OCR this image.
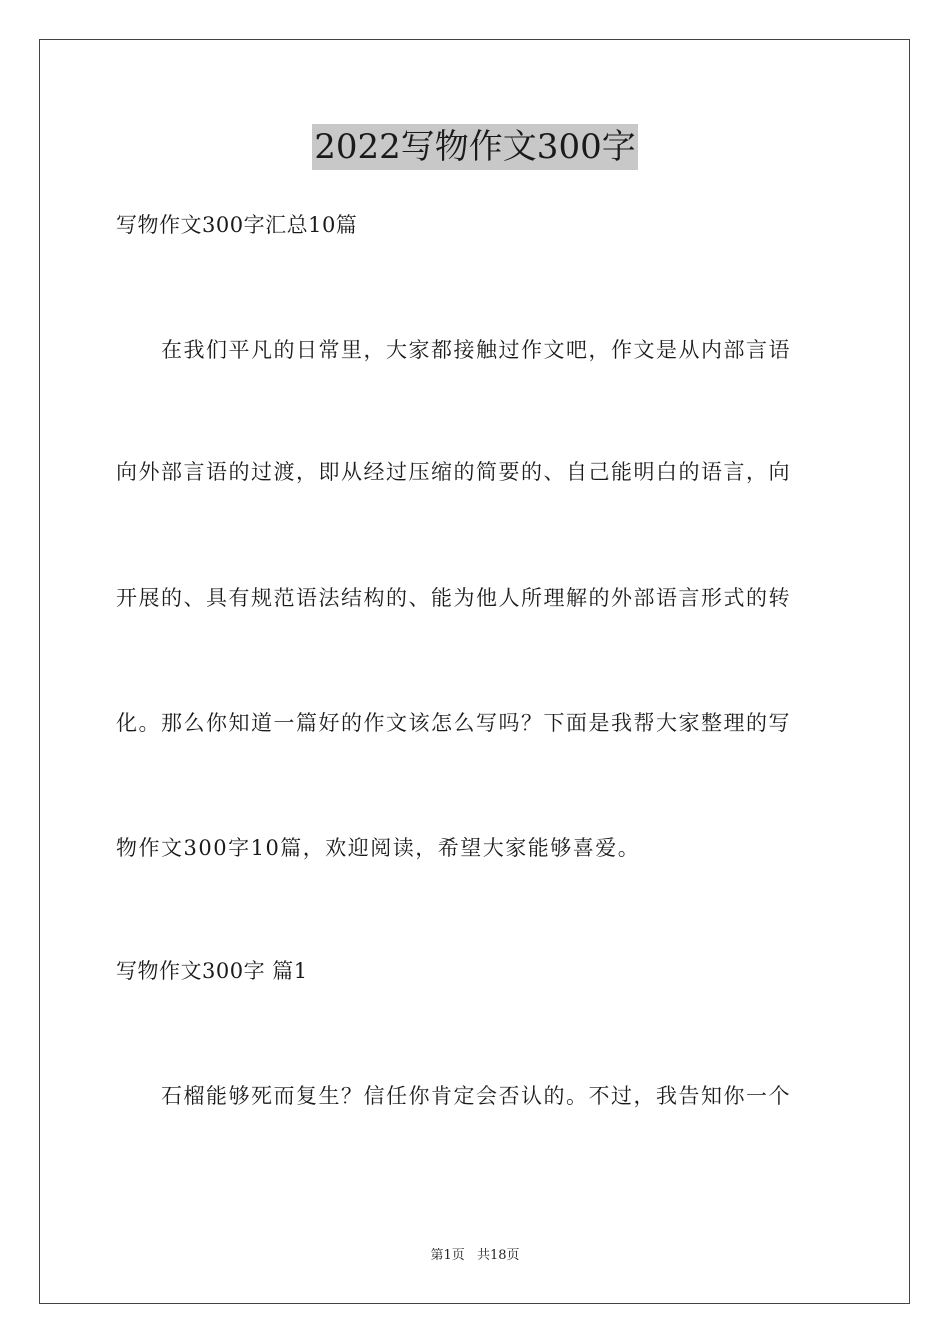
2022写物作文300字
写物作文300字汇总10篇
　　在我们平凡的日常里，大家都接触过作文吧，作文是从内部言语
向外部言语的过渡，即从经过压缩的简要的、自己能明白的语言，向
开展的、具有规范语法结构的、能为他人所理解的外部语言形式的转
化。那么你知道一篇好的作文该怎么写吗？下面是我帮大家整理的写
物作文300字10篇，欢迎阅读，希望大家能够喜爱。
写物作文300字 篇1
　　石榴能够死而复生？信任你肯定会否认的。不过，我告知你一个
第1页 共18页
